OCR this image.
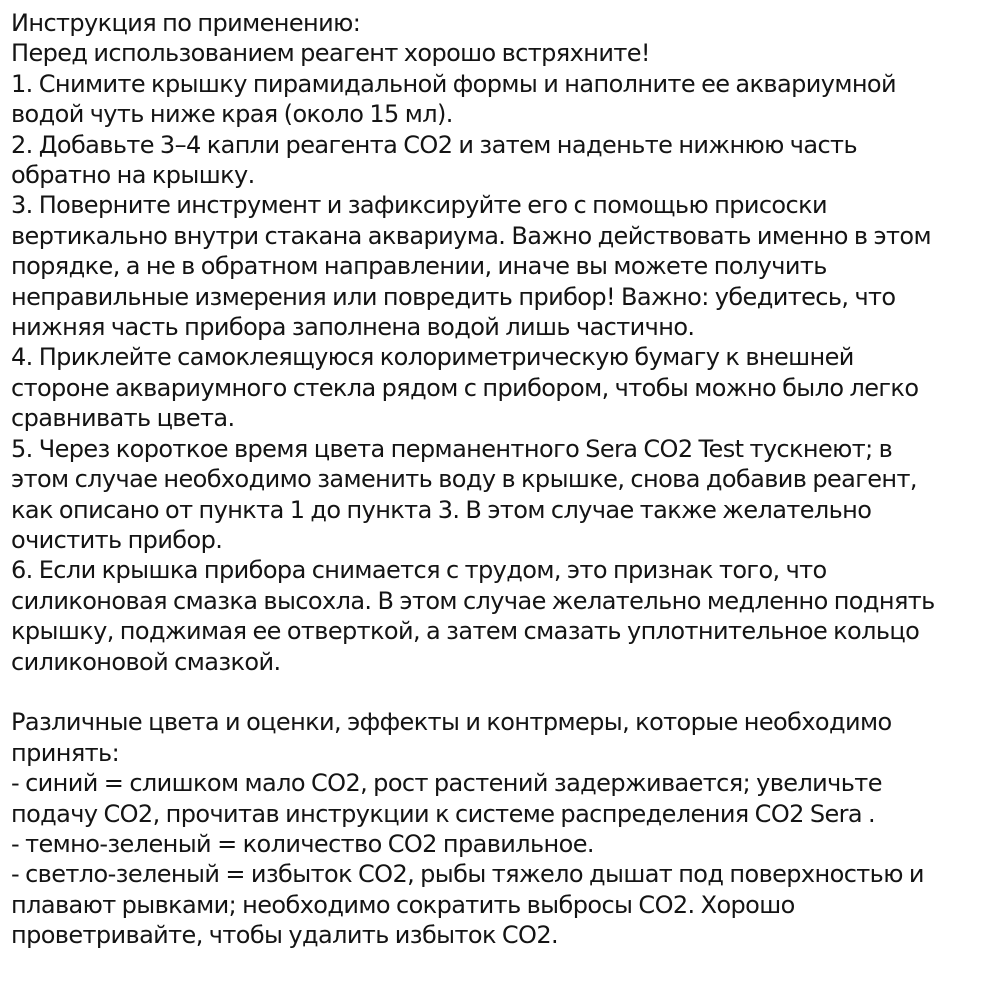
Инструкция по применению:
Перед использованием реагент хорошо встряхните!
1. Снимите крышку пирамидальной формы и наполните ее аквариумной
водой чуть ниже края (около 15 мл).
2. Добавьте 3–4 капли реагента CO2 и затем наденьте нижнюю часть
обратно на крышку.
3. Поверните инструмент и зафиксируйте его с помощью присоски
вертикально внутри стакана аквариума. Важно действовать именно в этом
порядке, а не в обратном направлении, иначе вы можете получить
неправильные измерения или повредить прибор! Важно: убедитесь, что
нижняя часть прибора заполнена водой лишь частично.
4. Приклейте самоклеящуюся колориметрическую бумагу к внешней
стороне аквариумного стекла рядом с прибором, чтобы можно было легко
сравнивать цвета.
5. Через короткое время цвета перманентного Sera CO2 Test тускнеют; в
этом случае необходимо заменить воду в крышке, снова добавив реагент,
как описано от пункта 1 до пункта 3. В этом случае также желательно
очистить прибор.
6. Если крышка прибора снимается с трудом, это признак того, что
силиконовая смазка высохла. В этом случае желательно медленно поднять
крышку, поджимая ее отверткой, а затем смазать уплотнительное кольцо
силиконовой смазкой.
Различные цвета и оценки, эффекты и контрмеры, которые необходимо
принять:
- синий = слишком мало CO2, рост растений задерживается; увеличьте
подачу CO2, прочитав инструкции к системе распределения CO2 Sera .
- темно-зеленый = количество CO2 правильное.
- светло-зеленый = избыток CO2, рыбы тяжело дышат под поверхностью и
плавают рывками; необходимо сократить выбросы CO2. Хорошо
проветривайте, чтобы удалить избыток CO2.
